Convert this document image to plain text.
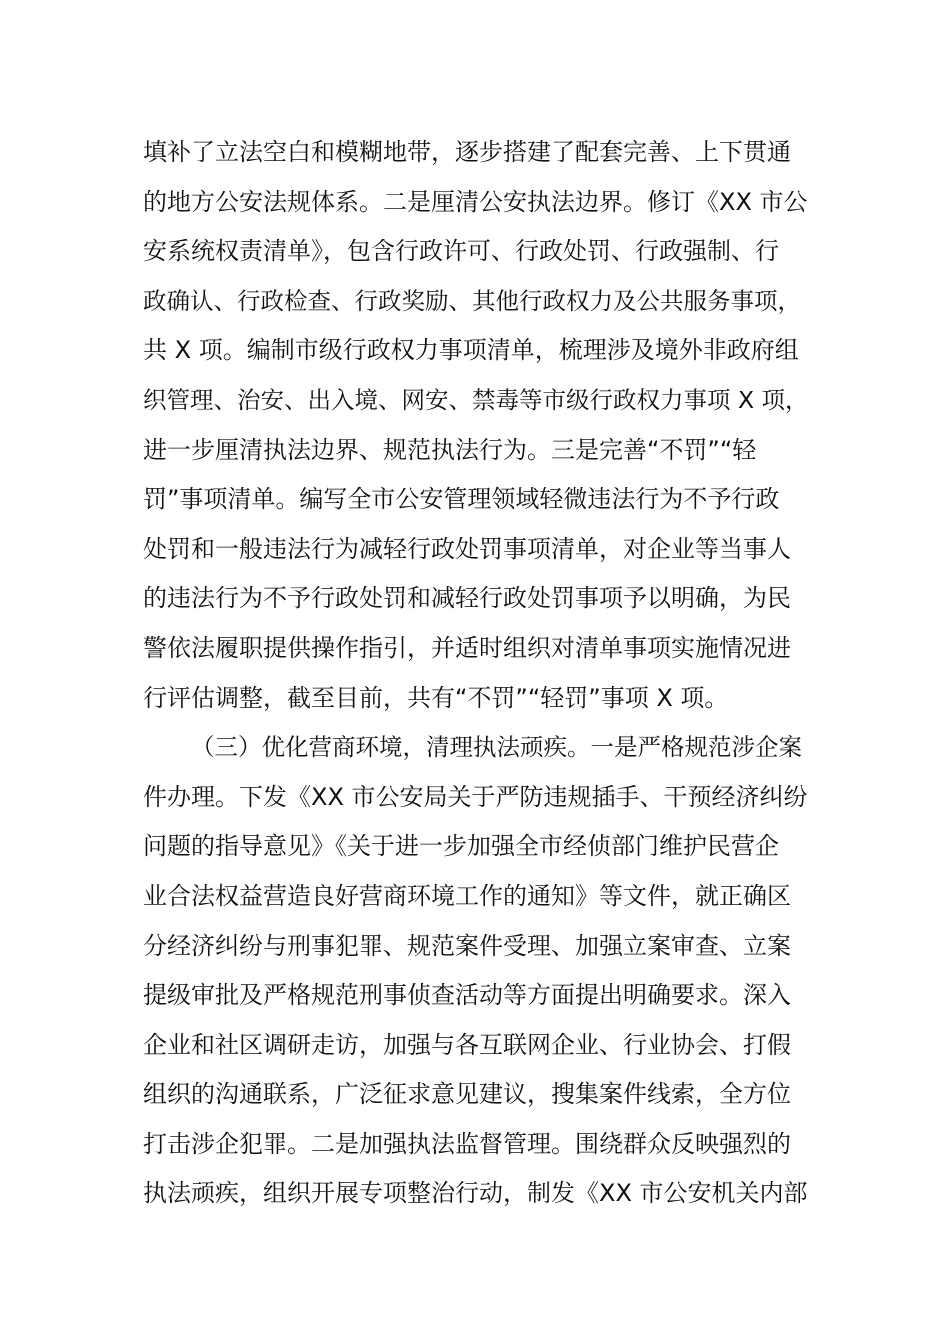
填补了立法空白和模糊地带，逐步搭建了配套完善、上下贯通
的地方公安法规体系。二是厘清公安执法边界。修订《XX 市公
安系统权责清单》，包含行政许可、行政处罚、行政强制、行
政确认、行政检查、行政奖励、其他行政权力及公共服务事项，
共 X 项。编制市级行政权力事项清单，梳理涉及境外非政府组
织管理、治安、出入境、网安、禁毒等市级行政权力事项 X 项，
进一步厘清执法边界、规范执法行为。三是完善“不罚”“轻
罚”事项清单。编写全市公安管理领域轻微违法行为不予行政
处罚和一般违法行为减轻行政处罚事项清单，对企业等当事人
的违法行为不予行政处罚和减轻行政处罚事项予以明确，为民
警依法履职提供操作指引，并适时组织对清单事项实施情况进
行评估调整，截至目前，共有“不罚”“轻罚”事项 X 项。
（三）优化营商环境，清理执法顽疾。一是严格规范涉企案
件办理。下发《XX 市公安局关于严防违规插手、干预经济纠纷
问题的指导意见》《关于进一步加强全市经侦部门维护民营企
业合法权益营造良好营商环境工作的通知》等文件，就正确区
分经济纠纷与刑事犯罪、规范案件受理、加强立案审查、立案
提级审批及严格规范刑事侦查活动等方面提出明确要求。深入
企业和社区调研走访，加强与各互联网企业、行业协会、打假
组织的沟通联系，广泛征求意见建议，搜集案件线索，全方位
打击涉企犯罪。二是加强执法监督管理。围绕群众反映强烈的
执法顽疾，组织开展专项整治行动，制发《XX 市公安机关内部
